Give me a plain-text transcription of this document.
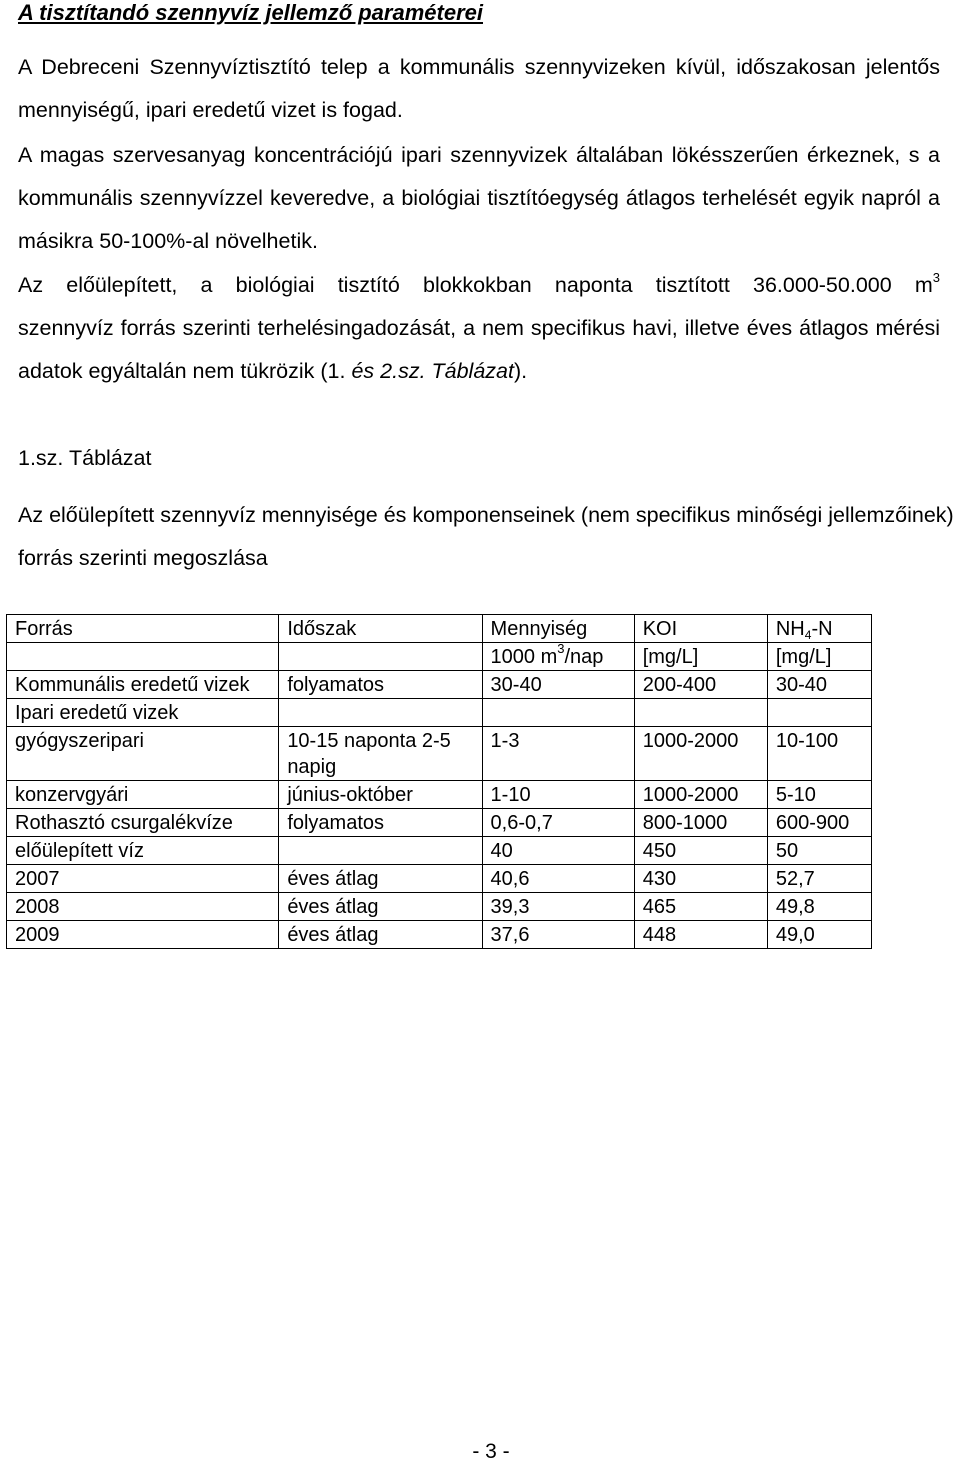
A tisztítandó szennyvíz jellemző paraméterei

A Debreceni Szennyvíztisztító telep a kommunális szennyvizeken kívül, időszakosan jelentős mennyiségű, ipari eredetű vizet is fogad.

A magas szervesanyag koncentrációjú ipari szennyvizek általában lökésszerűen érkeznek, s a kommunális szennyvízzel keveredve, a biológiai tisztítóegység átlagos terhelését egyik napról a másikra 50-100%-al növelhetik.

Az előülepített, a biológiai tisztító blokkokban naponta tisztított 36.000-50.000 $m^3$
szennyvíz forrás szerinti terhelésingadozását, a nem specifikus havi, illetve éves átlagos mérési adatok egyáltalán nem tükrözik (1. és 2.sz. Táblázat).

1.sz. Táblázat

Az előülepített szennyvíz mennyisége és komponenseinek (nem specifikus minőségi jellemzőinek) forrás szerinti megoszlása

Forrás	Időszak	Mennyiség	KOI	$NH_4-N$
		1000 $m^3$/nap	[mg/L]	[mg/L]
Kommunális eredetű vizek	folyamatos	30-40	200-400	30-40
Ipari eredetű vizek				
gyógyszeripari	10-15 naponta 2-5 napig	1-3	1000-2000	10-100
konzervgyári	június-október	1-10	1000-2000	5-10
Rothasztó csurgalékvíze	folyamatos	0,6-0,7	800-1000	600-900
előülepített víz		40	450	50
2007	éves átlag	40,6	430	52,7
2008	éves átlag	39,3	465	49,8
2009	éves átlag	37,6	448	49,0
- 3 -
